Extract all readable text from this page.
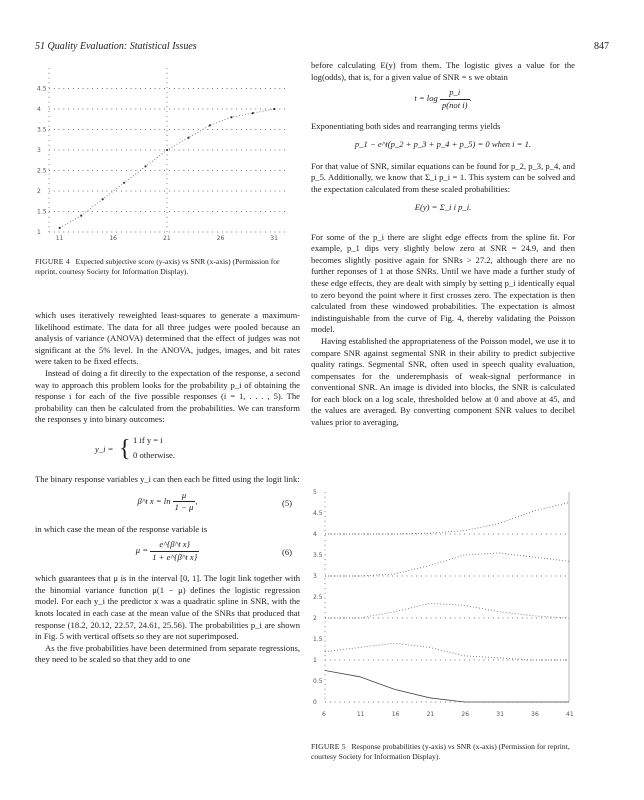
51 Quality Evaluation: Statistical Issues	847
4.5
4
3.5
3
2.5
2
1.5
1
11	16	21	26	31
FIGURE 4 Expected subjective score (y-axis) vs SNR (x-axis) (Permission for reprint, courtesy Society for Information Display).

which uses iteratively reweighted least-squares to generate a maximum-likelihood estimate. The data for all three judges were pooled because an analysis of variance (ANOVA) determined that the effect of judges was not significant at the 5% level. In the ANOVA, judges, images, and bit rates were taken to be fixed effects.

Instead of doing a fit directly to the expectation of the response, a second way to approach this problem looks for the probability p_i of obtaining the response i for each of the five possible responses (i = 1, . . . , 5). The probability can then be calculated from the probabilities. We can transform the responses y into binary outcomes:

y_i = { 1 if y = i
0 otherwise.

The binary response variables y_i can then each be fitted using the logit link:

β^t $x = \ln \frac{\mu}{1 - \mu}$ ,	(5)

in which case the mean of the response variable is

$\mu = \frac{\text{e\textasciicircum{}\{β\textasciicircum{}t x\}}}{\text{1 + e\textasciicircum{}\{β\textasciicircum{}t x\}}}$	(6)

which guarantees that μ is in the interval [0, 1]. The logit link together with the binomial variance function μ(1 − μ) defines the logistic regression model. For each y_i the predictor x was a quadratic spline in SNR, with the knots located in each case at the mean value of the SNRs that produced that response (18.2, 20.12, 22.57, 24.61, 25.56). The probabilities p_i are shown in Fig. 5 with vertical offsets so they are not superimposed.

As the five probabilities have been determined from separate regressions, they need to be scaled so that they add to one

before calculating E(y) from them. The logistic gives a value for the log(odds), that is, for a given value of SNR = s we obtain

$t = \log \frac{p\_i}{\text{p(not i)}}$ .

Exponentiating both sides and rearranging terms yields

p_1 − e^t(p_2 + p_3 + p_4 + p_5) = 0 when i = 1.

For that value of SNR, similar equations can be found for p_2, p_3, p_4, and p_5. Additionally, we know that Σ_i p_i = 1. This system can be solved and the expectation calculated from these scaled probabilities:

E(y) = Σ_i i p_i.

For some of the p_i there are slight edge effects from the spline fit. For example, p_1 dips very slightly below zero at SNR = 24.9, and then becomes slightly positive again for SNRs > 27.2, although there are no further reponses of 1 at those SNRs. Until we have made a further study of these edge effects, they are dealt with simply by setting p_i identically equal to zero beyond the point where it first crosses zero. The expectation is then calculated from these windowed probabilities. The expectation is almost indistinguishable from the curve of Fig. 4, thereby validating the Poisson model.

Having established the appropriateness of the Poisson model, we use it to compare SNR against segmental SNR in their ability to predict subjective quality ratings. Segmental SNR, often used in speech quality evaluation, compensates for the underemphasis of weak-signal performance in conventional SNR. An image is divided into blocks, the SNR is calculated for each block on a log scale, thresholded below at 0 and above at 45, and the values are averaged. By converting component SNR values to decibel values prior to averaging,

5
4.5
4
3.5
3
2.5
2
1.5
1
0.5
0
6	11	16	21	26	31	36	41
FIGURE 5 Response probabilities (y-axis) vs SNR (x-axis) (Permission for reprint, courtesy Society for Information Display).
